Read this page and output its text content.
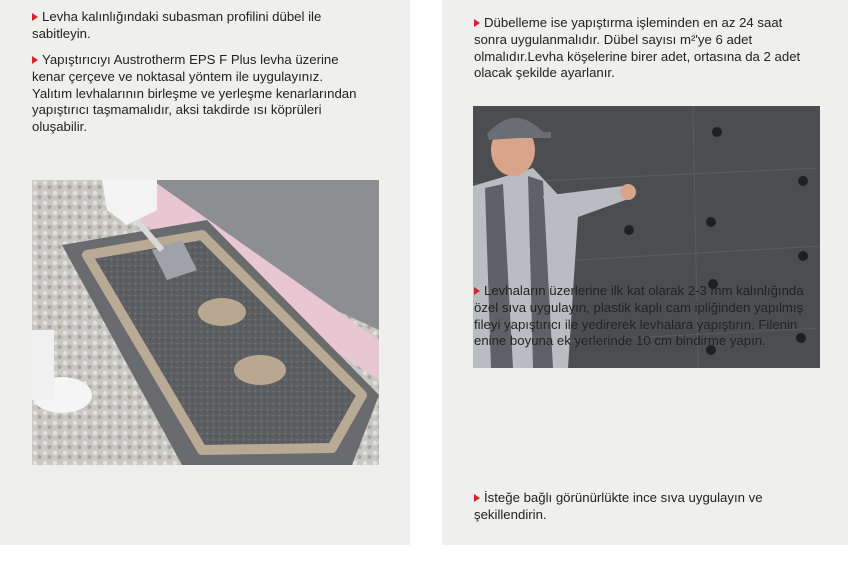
Levha kalınlığındaki subasman profilini dübel ile sabitleyin.

Yapıştırıcıyı Austrotherm EPS F Plus levha üzerine kenar çerçeve ve noktasal yöntem ile uygulayınız. Yalıtım levhalarının birleşme ve yerleşme kenarlarından yapıştırıcı taşmamalıdır, aksi takdirde ısı köprüleri oluşabilir.

Dübelleme ise yapıştırma işleminden en az 24 saat sonra uygulanmalıdır. Dübel sayısı m²'ye 6 adet olmalıdır.Levha köşelerine birer adet, ortasına da 2 adet olacak şekilde ayarlanır.

Levhaların üzerlerine ilk kat olarak 2-3 mm kalınlığında özel sıva uygulayın, plastik kaplı cam ipliğinden yapılmış fileyi yapıştırıcı ile yedirerek levhalara yapıştırın. Filenin enine boyuna ek yerlerinde 10 cm bindirme yapın.

İsteğe bağlı görünürlükte ince sıva uygulayın ve şekillendirin.
